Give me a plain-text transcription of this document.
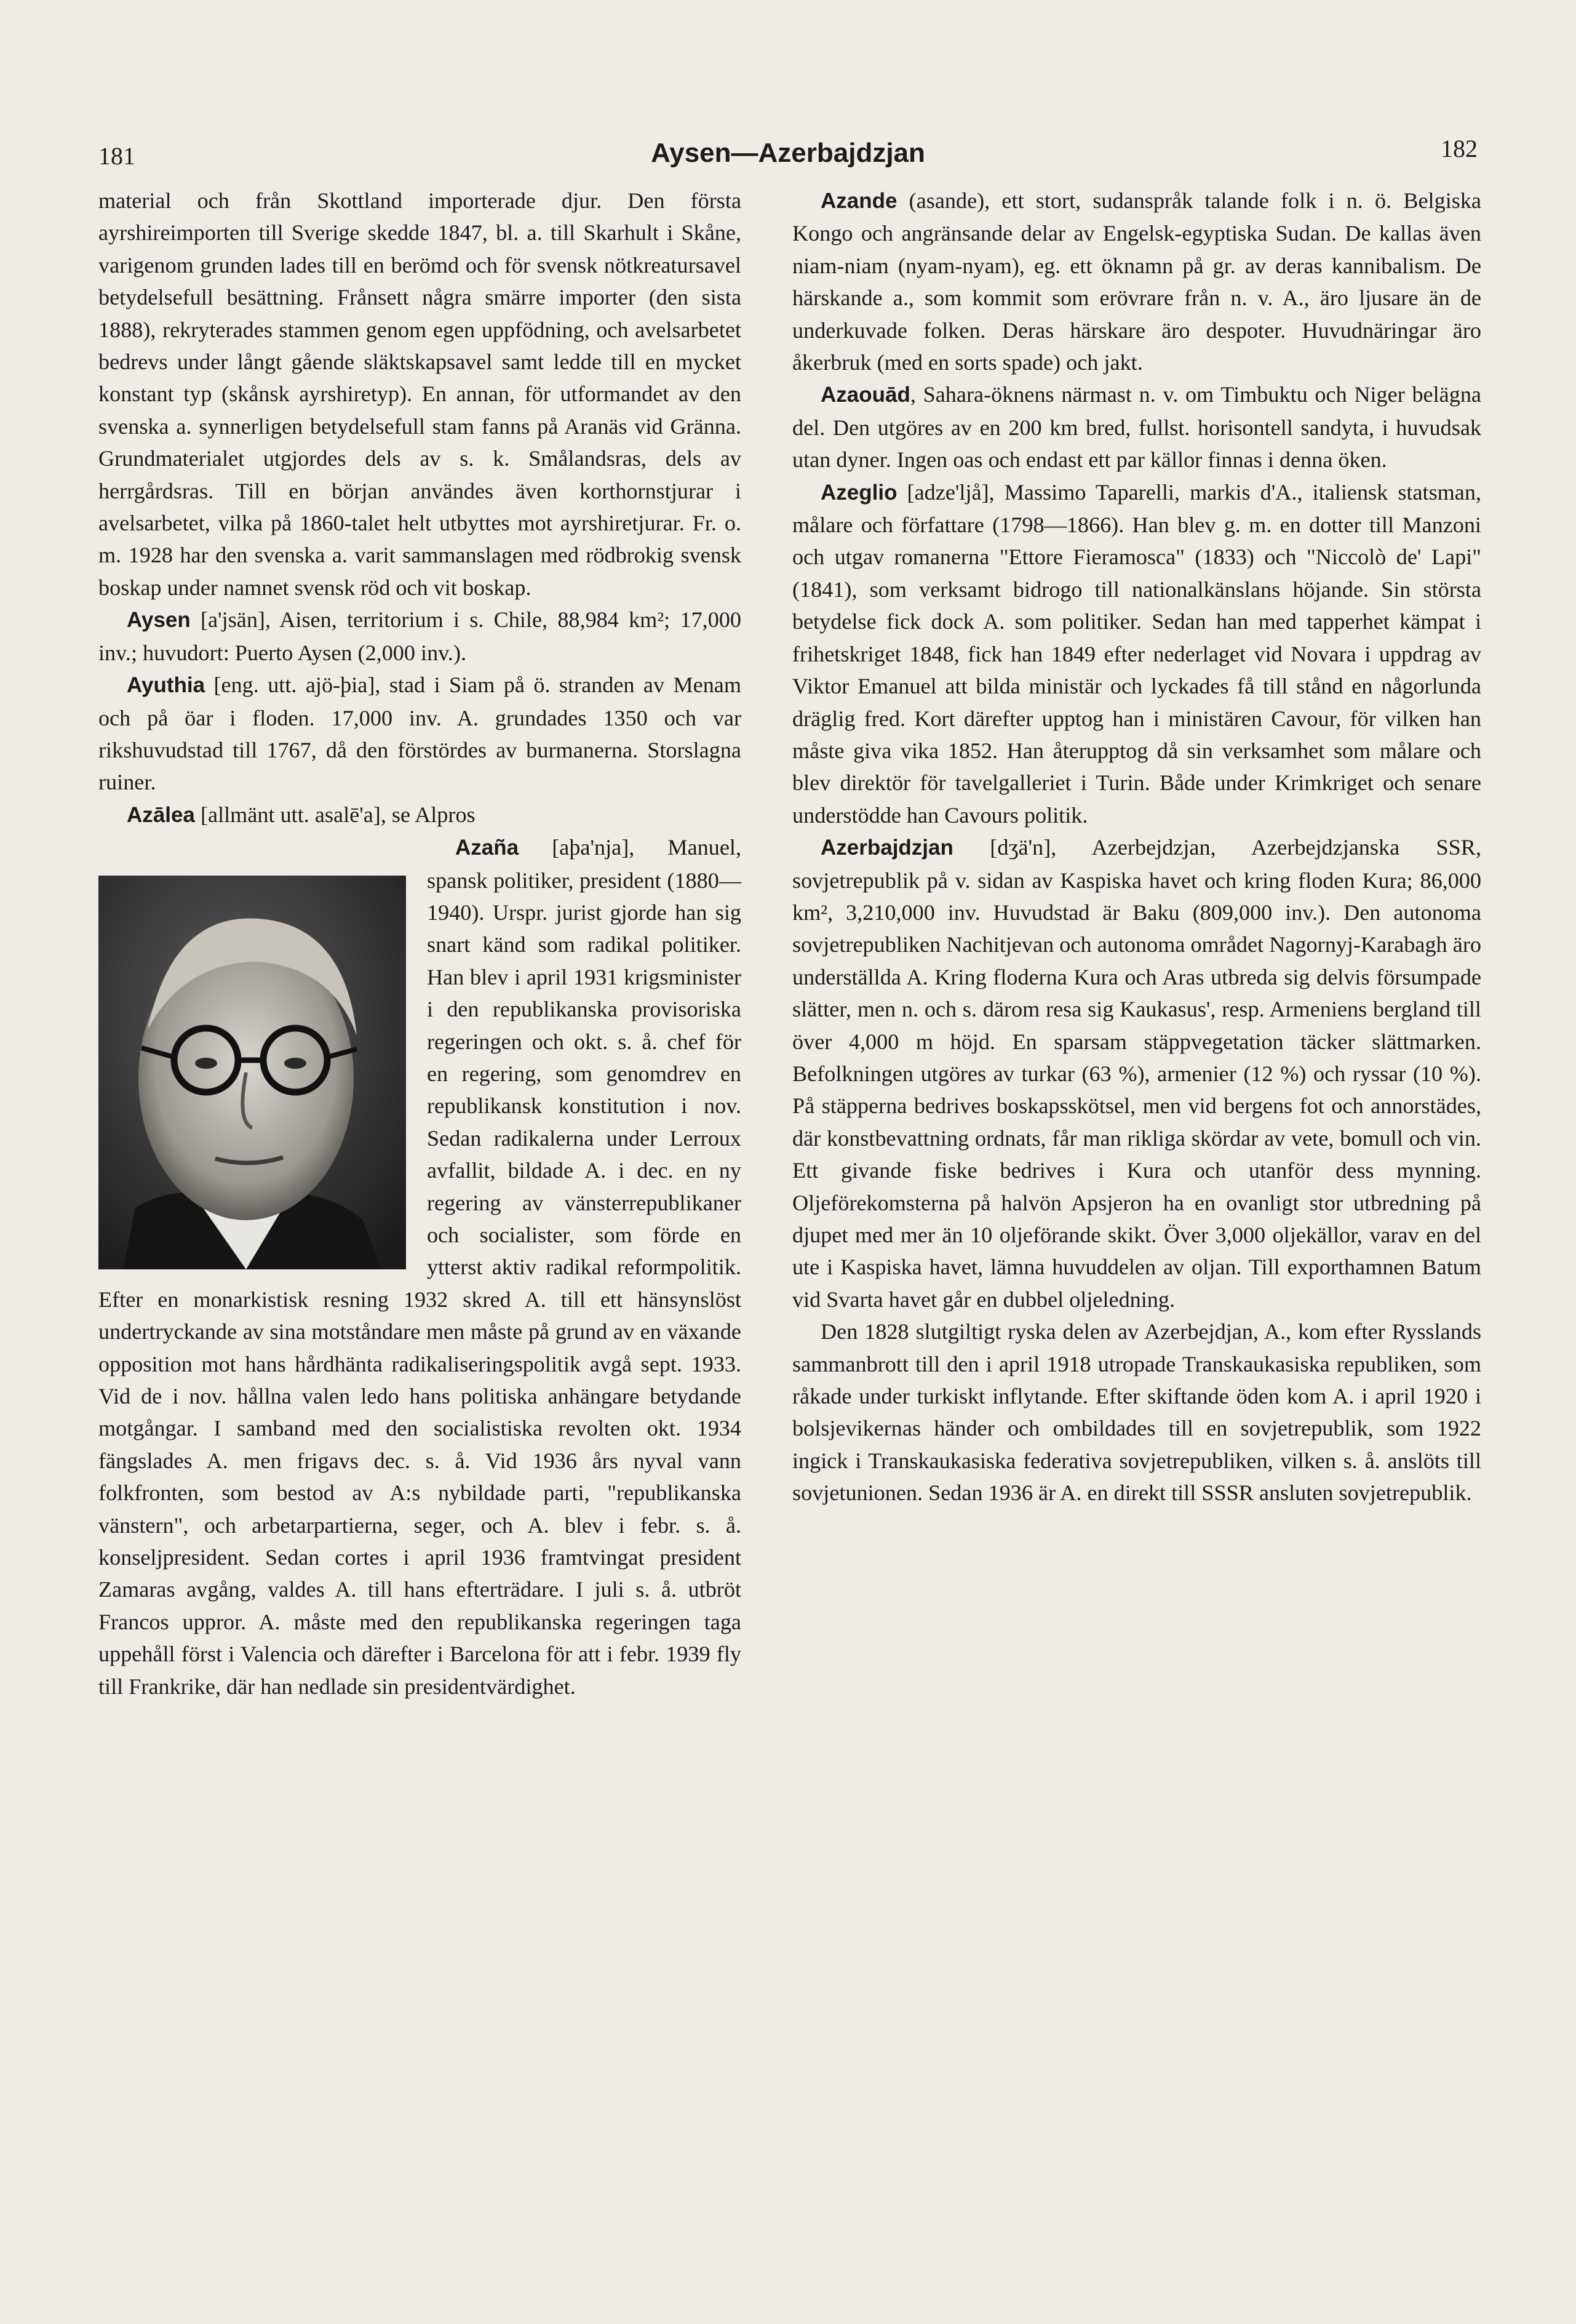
181	Aysen—Azerbajdzjan	182

material och från Skottland importerade djur. Den första ayrshireimporten till Sverige skedde 1847, bl. a. till Skarhult i Skåne, varigenom grunden lades till en berömd och för svensk nötkreatursavel betydelsefull besättning. Frånsett några smärre importer (den sista 1888), rekryterades stammen genom egen uppfödning, och avelsarbetet bedrevs under långt gående släktskapsavel samt ledde till en mycket konstant typ (skånsk ayrshiretyp). En annan, för utformandet av den svenska a. synnerligen betydelsefull stam fanns på Aranäs vid Gränna. Grundmaterialet utgjordes dels av s. k. Smålandsras, dels av herrgårdsras. Till en början användes även korthornstjurar i avelsarbetet, vilka på 1860-talet helt utbyttes mot ayrshiretjurar. Fr. o. m. 1928 har den svenska a. varit sammanslagen med rödbrokig svensk boskap under namnet svensk röd och vit boskap.

Aysen [a'jsän], Aisen, territorium i s. Chile, 88,984 km²; 17,000 inv.; huvudort: Puerto Aysen (2,000 inv.).

Ayuthia [eng. utt. ajö-þia], stad i Siam på ö. stranden av Menam och på öar i floden. 17,000 inv. A. grundades 1350 och var rikshuvudstad till 1767, då den förstördes av burmanerna. Storslagna ruiner.

Azālea [allmänt utt. asalē'a], se Alpros

Azaña [aþa'nja], Manuel, spansk politiker, president (1880—1940). Urspr. jurist gjorde han sig snart känd som radikal politiker. Han blev i april 1931 krigsminister i den republikanska provisoriska regeringen och okt. s. å. chef för en regering, som genomdrev en republikansk konstitution i nov. Sedan radikalerna under Lerroux avfallit, bildade A. i dec. en ny regering av vänsterrepublikaner och socialister, som förde en ytterst aktiv radikal reformpolitik. Efter en monarkistisk resning 1932 skred A. till ett hänsynslöst undertryckande av sina motståndare men måste på grund av en växande opposition mot hans hårdhänta radikaliseringspolitik avgå sept. 1933. Vid de i nov. hållna valen ledo hans politiska anhängare betydande motgångar. I samband med den socialistiska revolten okt. 1934 fängslades A. men frigavs dec. s. å. Vid 1936 års nyval vann folkfronten, som bestod av A:s nybildade parti, "republikanska vänstern", och arbetarpartierna, seger, och A. blev i febr. s. å. konseljpresident. Sedan cortes i april 1936 framtvingat president Zamaras avgång, valdes A. till hans efterträdare. I juli s. å. utbröt Francos uppror. A. måste med den republikanska regeringen taga uppehåll först i Valencia och därefter i Barcelona för att i febr. 1939 fly till Frankrike, där han nedlade sin presidentvärdighet.

Azande (asande), ett stort, sudanspråk talande folk i n. ö. Belgiska Kongo och angränsande delar av Engelsk-egyptiska Sudan. De kallas även niam-niam (nyam-nyam), eg. ett öknamn på gr. av deras kannibalism. De härskande a., som kommit som erövrare från n. v. A., äro ljusare än de underkuvade folken. Deras härskare äro despoter. Huvudnäringar äro åkerbruk (med en sorts spade) och jakt.

Azaouād, Sahara-öknens närmast n. v. om Timbuktu och Niger belägna del. Den utgöres av en 200 km bred, fullst. horisontell sandyta, i huvudsak utan dyner. Ingen oas och endast ett par källor finnas i denna öken.

Azeglio [adze'ljå], Massimo Taparelli, markis d'A., italiensk statsman, målare och författare (1798—1866). Han blev g. m. en dotter till Manzoni och utgav romanerna "Ettore Fieramosca" (1833) och "Niccolò de' Lapi" (1841), som verksamt bidrogo till nationalkänslans höjande. Sin största betydelse fick dock A. som politiker. Sedan han med tapperhet kämpat i frihetskriget 1848, fick han 1849 efter nederlaget vid Novara i uppdrag av Viktor Emanuel att bilda ministär och lyckades få till stånd en någorlunda dräglig fred. Kort därefter upptog han i ministären Cavour, för vilken han måste giva vika 1852. Han återupptog då sin verksamhet som målare och blev direktör för tavelgalleriet i Turin. Både under Krimkriget och senare understödde han Cavours politik.

Azerbajdzjan [dʒä'n], Azerbejdzjan, Azerbejdzjanska SSR, sovjetrepublik på v. sidan av Kaspiska havet och kring floden Kura; 86,000 km², 3,210,000 inv. Huvudstad är Baku (809,000 inv.). Den autonoma sovjetrepubliken Nachitjevan och autonoma området Nagornyj-Karabagh äro underställda A. Kring floderna Kura och Aras utbreda sig delvis försumpade slätter, men n. och s. därom resa sig Kaukasus', resp. Armeniens bergland till över 4,000 m höjd. En sparsam stäppvegetation täcker slättmarken. Befolkningen utgöres av turkar (63 %), armenier (12 %) och ryssar (10 %). På stäpperna bedrives boskapsskötsel, men vid bergens fot och annorstädes, där konstbevattning ordnats, får man rikliga skördar av vete, bomull och vin. Ett givande fiske bedrives i Kura och utanför dess mynning. Oljeförekomsterna på halvön Apsjeron ha en ovanligt stor utbredning på djupet med mer än 10 oljeförande skikt. Över 3,000 oljekällor, varav en del ute i Kaspiska havet, lämna huvuddelen av oljan. Till exporthamnen Batum vid Svarta havet går en dubbel oljeledning.

Den 1828 slutgiltigt ryska delen av Azerbejdjan, A., kom efter Rysslands sammanbrott till den i april 1918 utropade Transkaukasiska republiken, som råkade under turkiskt inflytande. Efter skiftande öden kom A. i april 1920 i bolsjevikernas händer och ombildades till en sovjetrepublik, som 1922 ingick i Transkaukasiska federativa sovjetrepubliken, vilken s. å. anslöts till sovjetunionen. Sedan 1936 är A. en direkt till SSSR ansluten sovjetrepublik.
